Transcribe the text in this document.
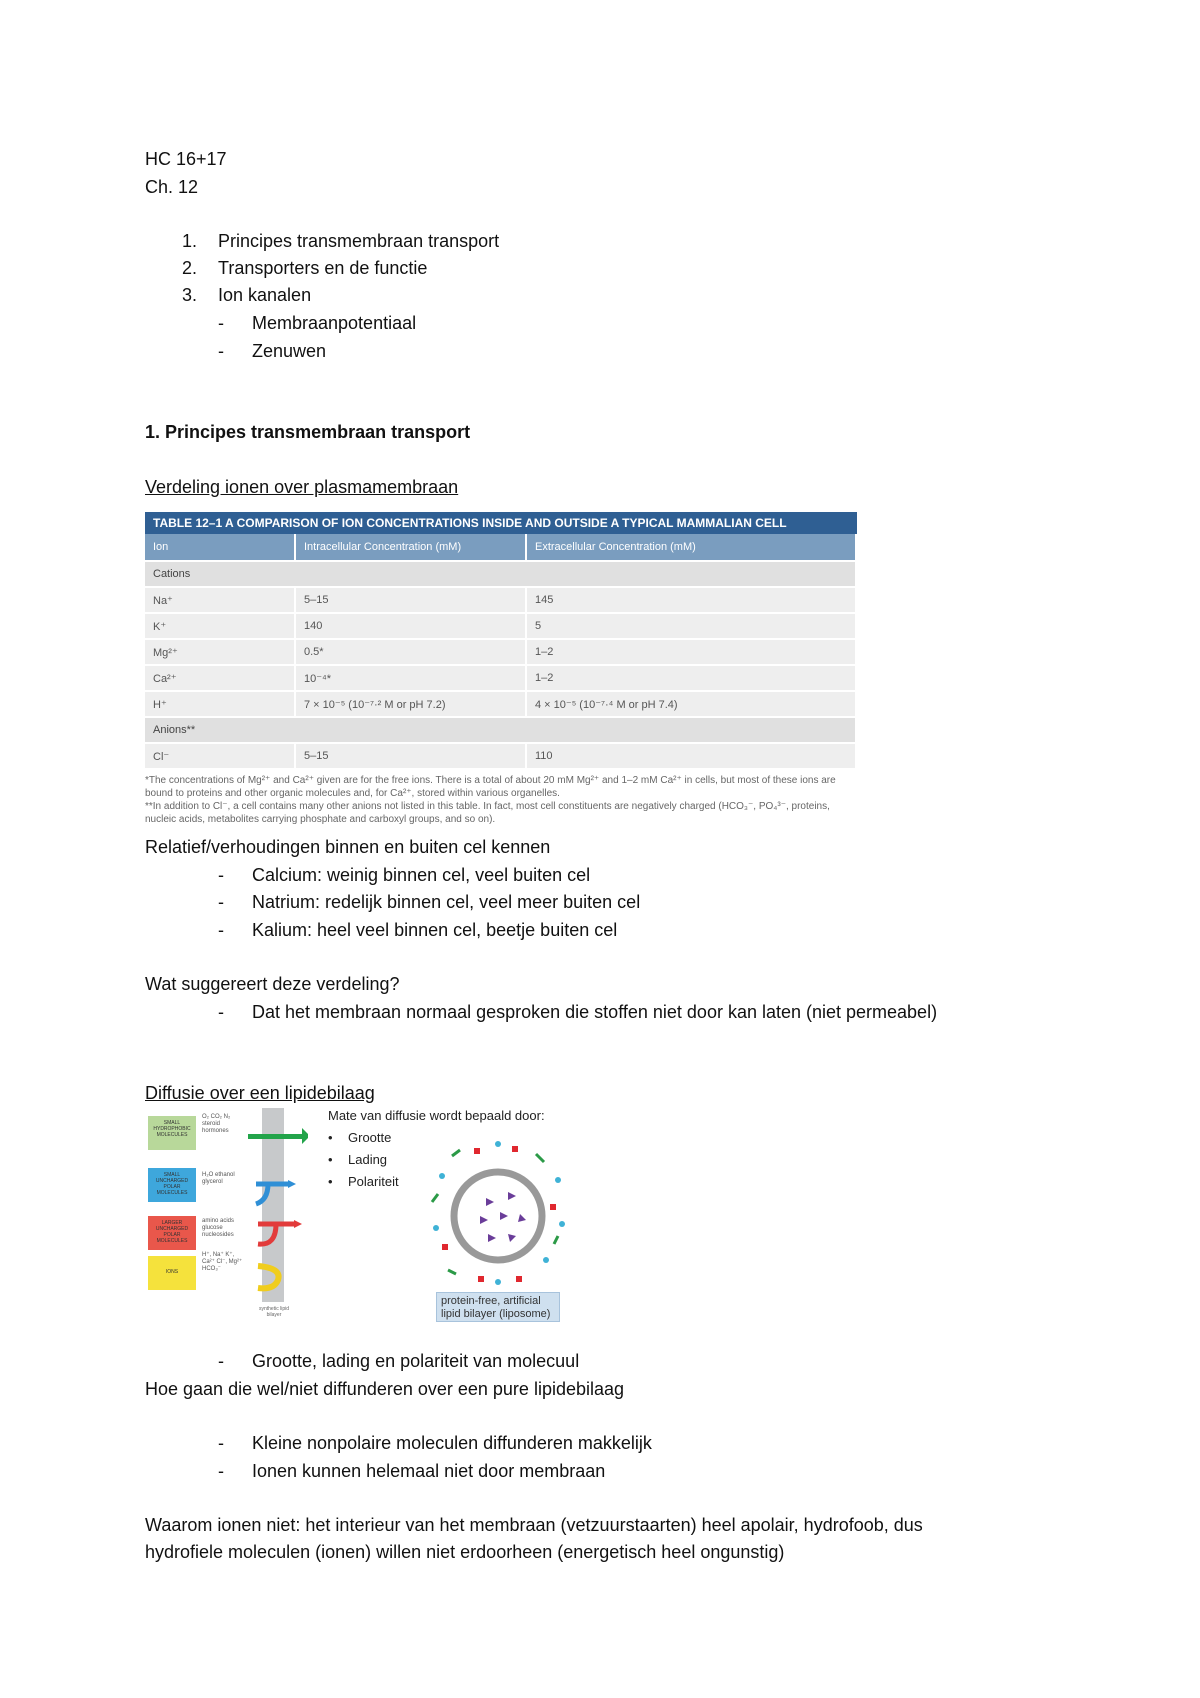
HC 16+17
Ch. 12
1. Principes transmembraan transport
2. Transporters en de functie
3. Ion kanalen
- Membraanpotentiaal
- Zenuwen
1. Principes transmembraan transport
Verdeling ionen over plasmamembraan
TABLE 12–1 A COMPARISON OF ION CONCENTRATIONS INSIDE AND OUTSIDE A TYPICAL MAMMALIAN CELL
Ion	Intracellular Concentration (mM)	Extracellular Concentration (mM)
Cations		
Na⁺	5–15	145
K⁺	140	5
Mg²⁺	0.5*	1–2
Ca²⁺	10⁻⁴*	1–2
H⁺	7 × 10⁻⁵ (10⁻⁷·² M or pH 7.2)	4 × 10⁻⁵ (10⁻⁷·⁴ M or pH 7.4)
Anions**		
Cl⁻	5–15	110
*The concentrations of Mg²⁺ and Ca²⁺ given are for the free ions. There is a total of about 20 mM Mg²⁺ and 1–2 mM Ca²⁺ in cells, but most of these ions are bound to proteins and other organic molecules and, for Ca²⁺, stored within various organelles.
**In addition to Cl⁻, a cell contains many other anions not listed in this table. In fact, most cell constituents are negatively charged (HCO₃⁻, PO₄³⁻, proteins, nucleic acids, metabolites carrying phosphate and carboxyl groups, and so on).
Relatief/verhoudingen binnen en buiten cel kennen
- Calcium: weinig binnen cel, veel buiten cel
- Natrium: redelijk binnen cel, veel meer buiten cel
- Kalium: heel veel binnen cel, beetje buiten cel
Wat suggereert deze verdeling?
- Dat het membraan normaal gesproken die stoffen niet door kan laten (niet permeabel)
Diffusie over een lipidebilaag
SMALL HYDROPHOBIC MOLECULES
O₂ CO₂ N₂ steroid hormones
SMALL UNCHARGED POLAR MOLECULES
H₂O ethanol glycerol
LARGER UNCHARGED POLAR MOLECULES
amino acids glucose nucleosides
IONS
H⁺, Na⁺ K⁺, Ca²⁺ Cl⁻, Mg²⁺ HCO₃⁻
synthetic lipid bilayer
Mate van diffusie wordt bepaald door:
• Grootte
• Lading
• Polariteit
protein-free, artificial lipid bilayer (liposome)
- Grootte, lading en polariteit van molecuul
Hoe gaan die wel/niet diffunderen over een pure lipidebilaag
- Kleine nonpolaire moleculen diffunderen makkelijk
- Ionen kunnen helemaal niet door membraan
Waarom ionen niet: het interieur van het membraan (vetzuurstaarten) heel apolair, hydrofoob, dus
hydrofiele moleculen (ionen) willen niet erdoorheen (energetisch heel ongunstig)
